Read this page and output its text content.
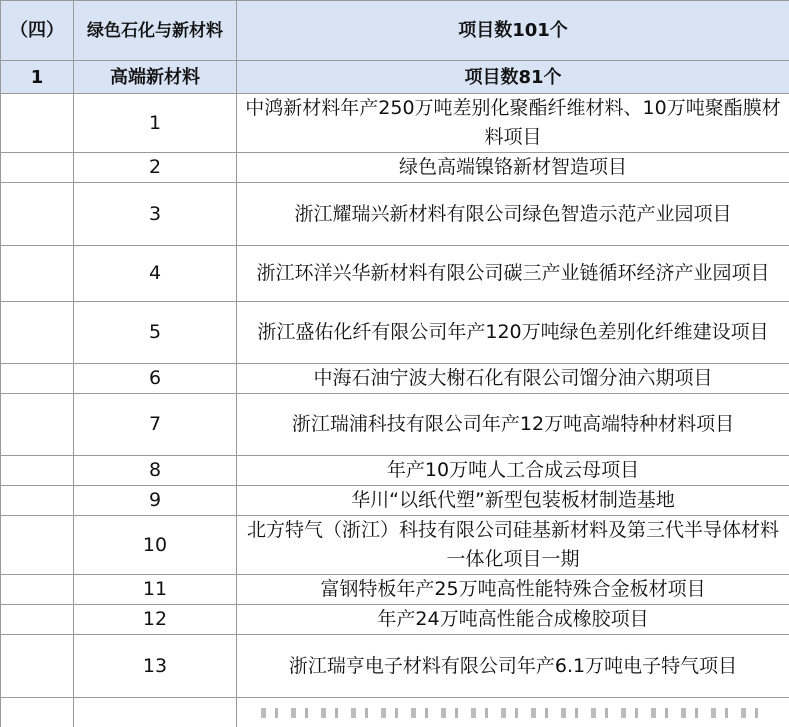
（四）	绿色石化与新材料	项目数101个
1	高端新材料	项目数81个
	1	中鸿新材料年产250万吨差别化聚酯纤维材料、10万吨聚酯膜材料项目
	2	绿色高端镍铬新材智造项目
	3	浙江耀瑞兴新材料有限公司绿色智造示范产业园项目
	4	浙江环洋兴华新材料有限公司碳三产业链循环经济产业园项目
	5	浙江盛佑化纤有限公司年产120万吨绿色差别化纤维建设项目
	6	中海石油宁波大榭石化有限公司馏分油六期项目
	7	浙江瑞浦科技有限公司年产12万吨高端特种材料项目
	8	年产10万吨人工合成云母项目
	9	华川“以纸代塑”新型包装板材制造基地
	10	北方特气（浙江）科技有限公司硅基新材料及第三代半导体材料一体化项目一期
	11	富钢特板年产25万吨高性能特殊合金板材项目
	12	年产24万吨高性能合成橡胶项目
	13	浙江瑞亨电子材料有限公司年产6.1万吨电子特气项目
